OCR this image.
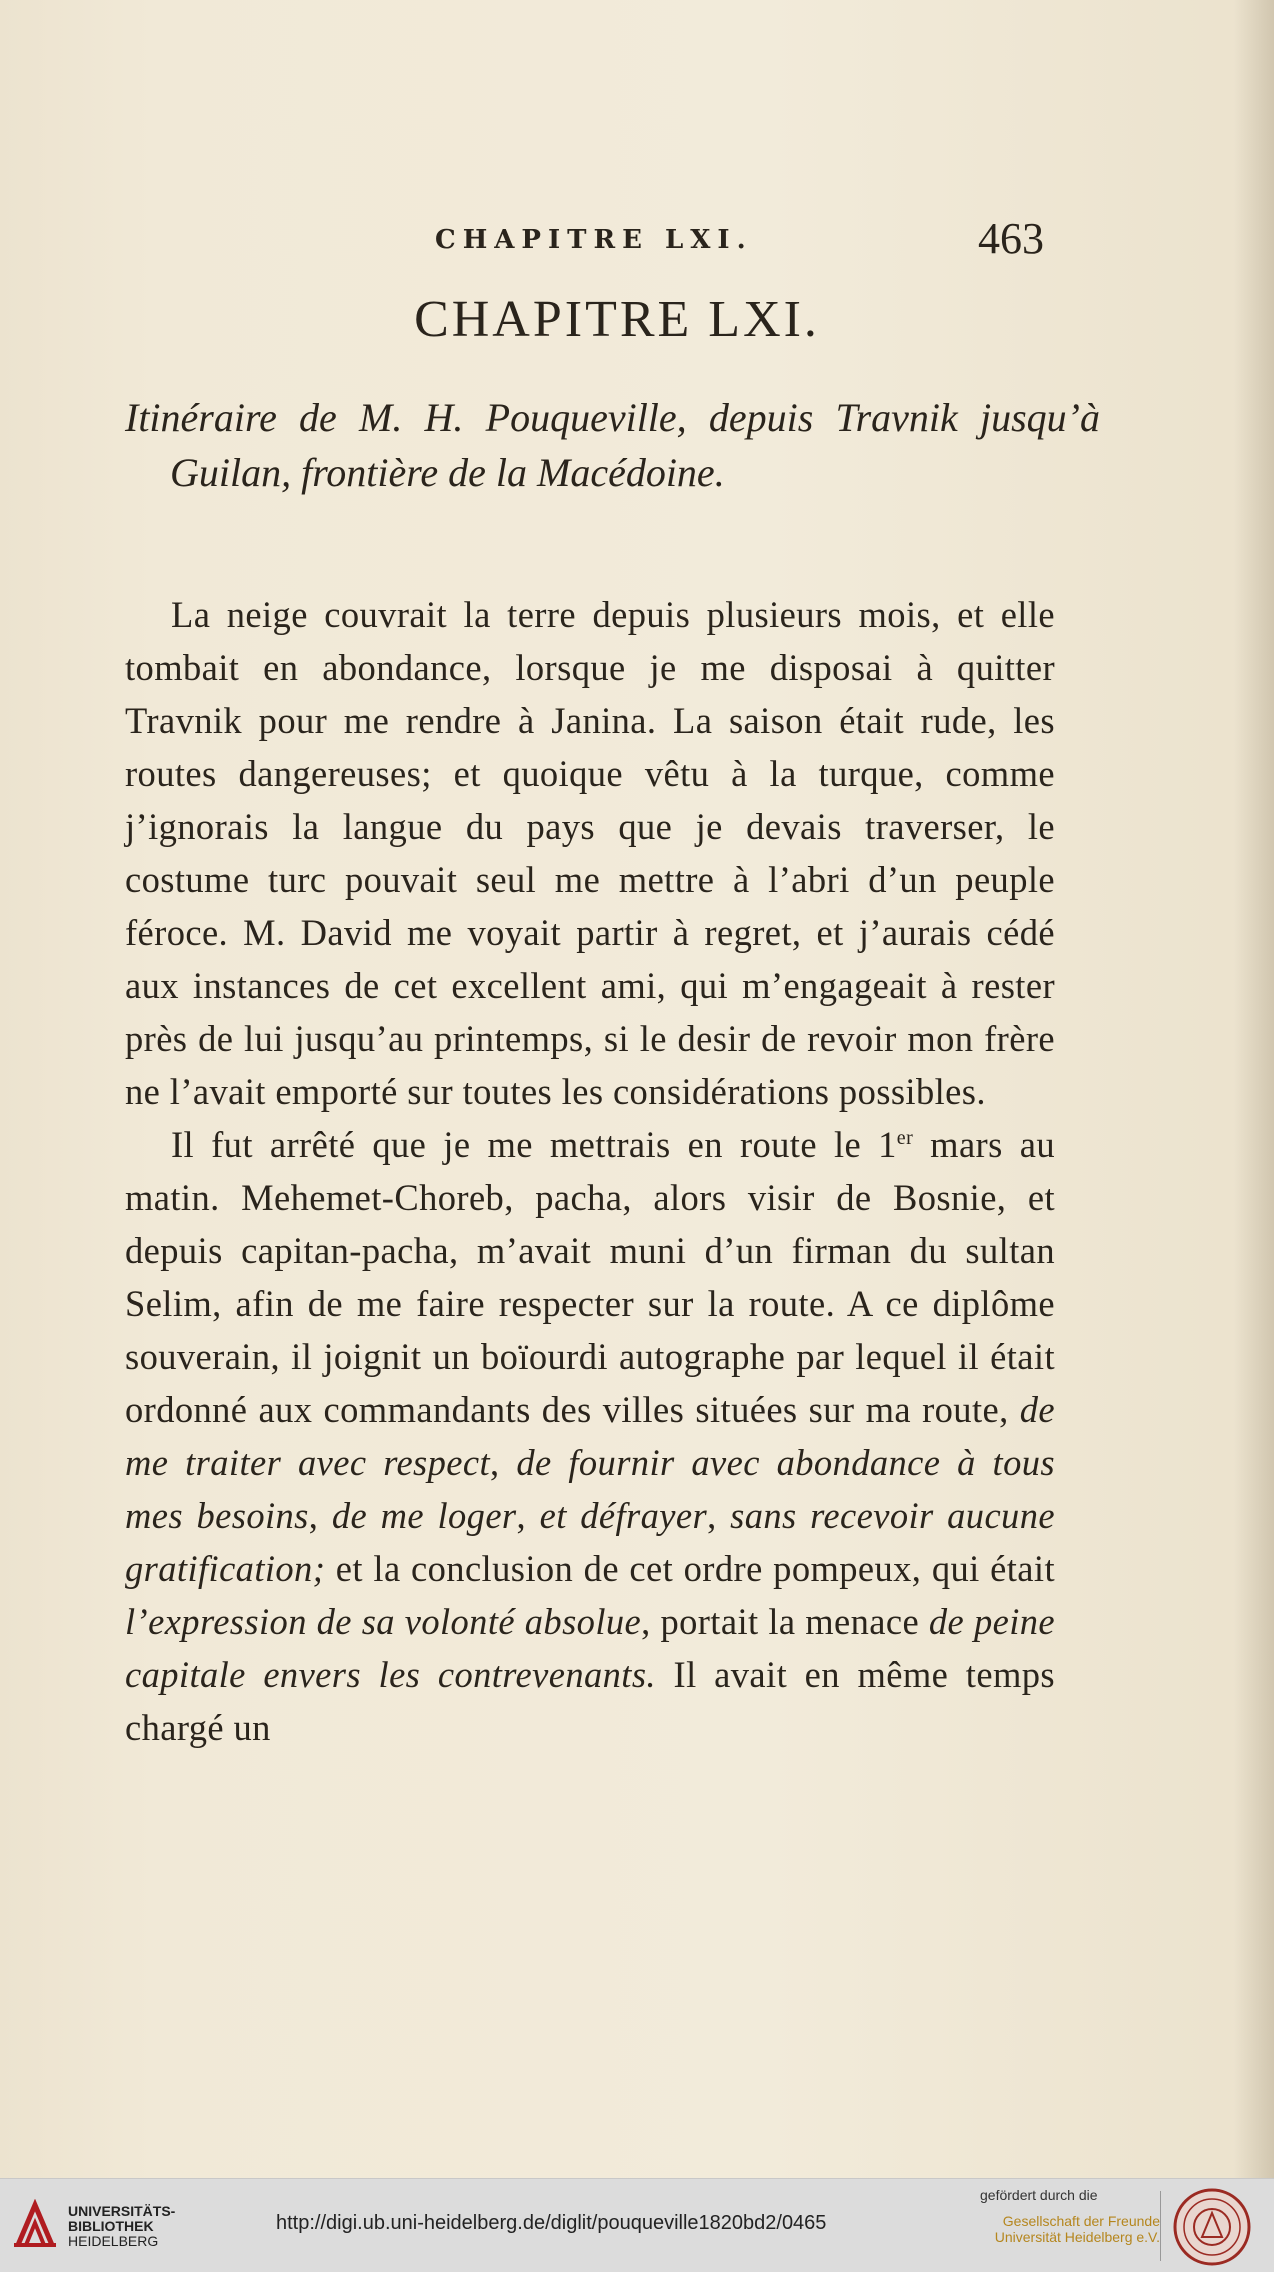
CHAPITRE LXI.	463
CHAPITRE LXI.
Itinéraire de M. H. Pouqueville, depuis Travnik jusqu’à Guilan, frontière de la Macédoine.

La neige couvrait la terre depuis plusieurs mois, et elle tombait en abondance, lorsque je me disposai à quitter Travnik pour me rendre à Janina. La saison était rude, les routes dangereuses; et quoique vêtu à la turque, comme j’ignorais la langue du pays que je devais traverser, le costume turc pouvait seul me mettre à l’abri d’un peuple féroce. M. David me voyait partir à regret, et j’aurais cédé aux instances de cet excellent ami, qui m’engageait à rester près de lui jusqu’au printemps, si le desir de revoir mon frère ne l’avait emporté sur toutes les considérations possibles.

Il fut arrêté que je me mettrais en route le 1er mars au matin. Mehemet-Choreb, pacha, alors visir de Bosnie, et depuis capitan-pacha, m’avait muni d’un firman du sultan Selim, afin de me faire respecter sur la route. A ce diplôme souverain, il joignit un boïourdi autographe par lequel il était ordonné aux commandants des villes situées sur ma route, de me traiter avec respect, de fournir avec abondance à tous mes besoins, de me loger, et défrayer, sans recevoir aucune gratification; et la conclusion de cet ordre pompeux, qui était l’expression de sa volonté absolue, portait la menace de peine capitale envers les contrevenants. Il avait en même temps chargé un

UNIVERSITÄTS-
BIBLIOTHEK
HEIDELBERG
http://digi.ub.uni-heidelberg.de/diglit/pouqueville1820bd2/0465
gefördert durch die
Gesellschaft der Freunde
Universität Heidelberg e.V.
